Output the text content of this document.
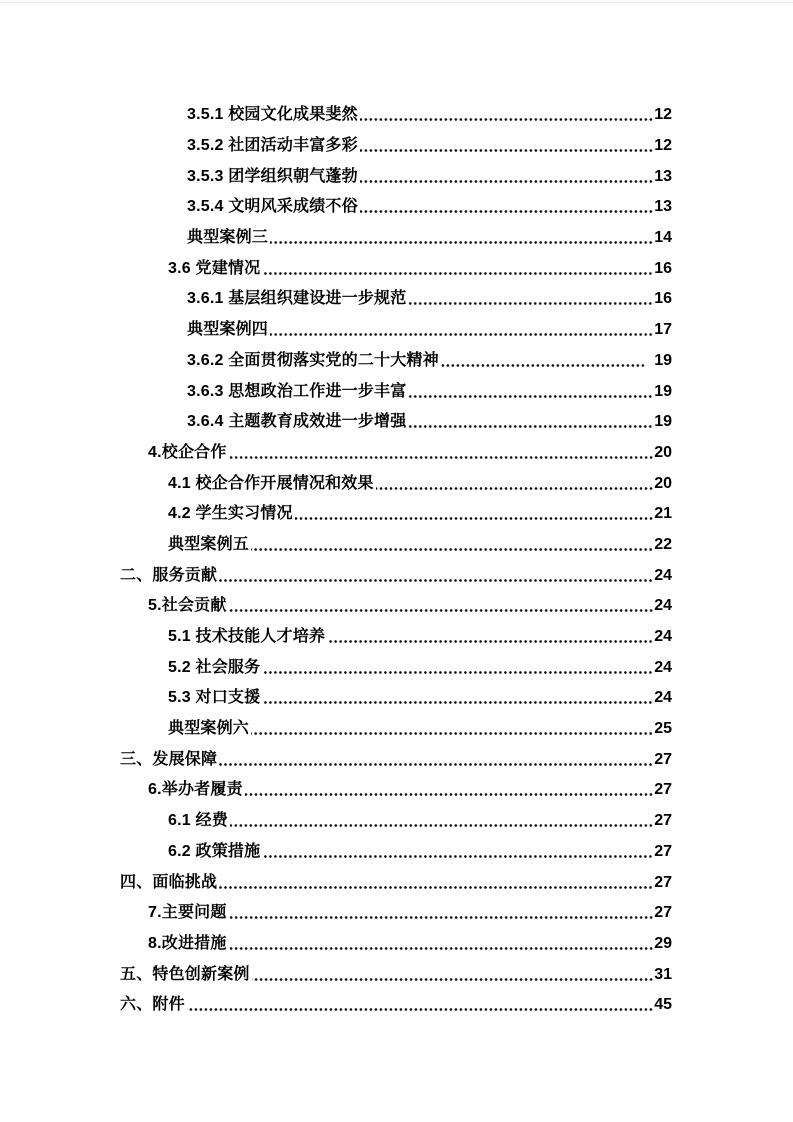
3.5.1 校园文化成果斐然	12
3.5.2 社团活动丰富多彩	12
3.5.3 团学组织朝气蓬勃	13
3.5.4 文明风采成绩不俗	13
典型案例三	14
3.6 党建情况	16
3.6.1 基层组织建设进一步规范	16
典型案例四	17
3.6.2 全面贯彻落实党的二十大精神	19
3.6.3 思想政治工作进一步丰富	19
3.6.4 主题教育成效进一步增强	19
4.校企合作	20
4.1 校企合作开展情况和效果	20
4.2 学生实习情况	21
典型案例五	22
二、服务贡献	24
5.社会贡献	24
5.1 技术技能人才培养	24
5.2 社会服务	24
5.3 对口支援	24
典型案例六	25
三、发展保障	27
6.举办者履责	27
6.1 经费	27
6.2 政策措施	27
四、面临挑战	27
7.主要问题	27
8.改进措施	29
五、特色创新案例	31
六、附件	45
